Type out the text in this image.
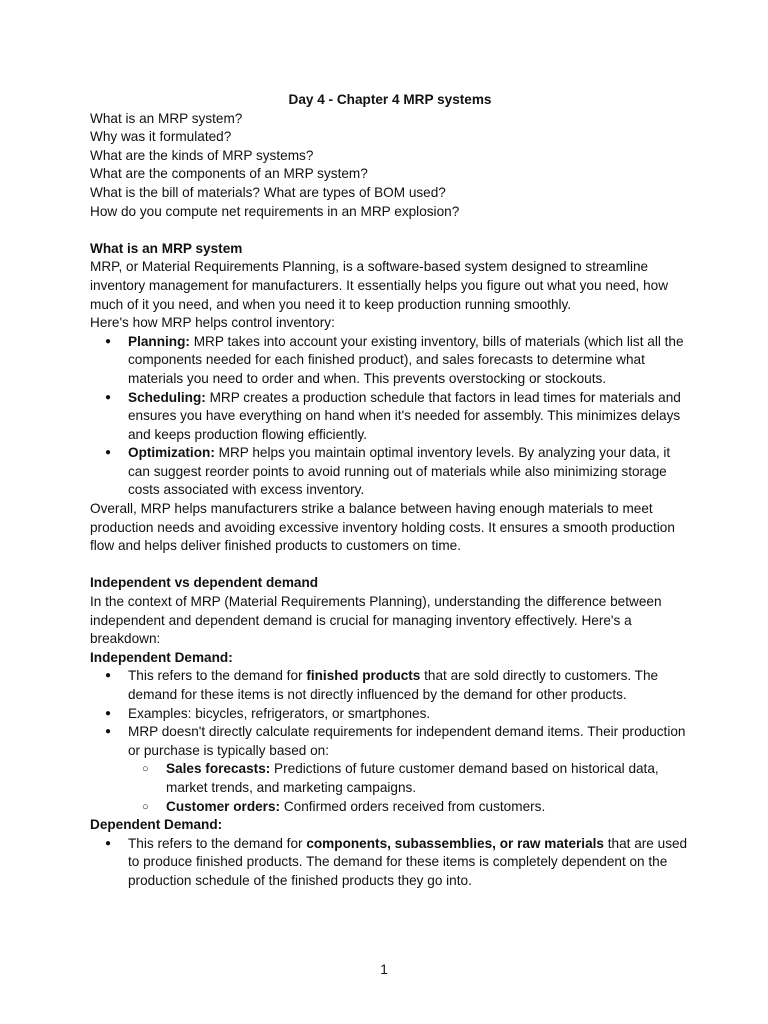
Day 4 - Chapter 4 MRP systems

What is an MRP system?

Why was it formulated?

What are the kinds of MRP systems?

What are the components of an MRP system?

What is the bill of materials? What are types of BOM used?

How do you compute net requirements in an MRP explosion?

What is an MRP system

MRP, or Material Requirements Planning, is a software-based system designed to streamline inventory management for manufacturers. It essentially helps you figure out what you need, how much of it you need, and when you need it to keep production running smoothly.

Here's how MRP helps control inventory:

● Planning: MRP takes into account your existing inventory, bills of materials (which list all the components needed for each finished product), and sales forecasts to determine what materials you need to order and when. This prevents overstocking or stockouts.
● Scheduling: MRP creates a production schedule that factors in lead times for materials and ensures you have everything on hand when it's needed for assembly. This minimizes delays and keeps production flowing efficiently.
● Optimization: MRP helps you maintain optimal inventory levels. By analyzing your data, it can suggest reorder points to avoid running out of materials while also minimizing storage costs associated with excess inventory.

Overall, MRP helps manufacturers strike a balance between having enough materials to meet production needs and avoiding excessive inventory holding costs. It ensures a smooth production flow and helps deliver finished products to customers on time.

Independent vs dependent demand

In the context of MRP (Material Requirements Planning), understanding the difference between independent and dependent demand is crucial for managing inventory effectively. Here's a breakdown:

Independent Demand:

● This refers to the demand for finished products that are sold directly to customers. The demand for these items is not directly influenced by the demand for other products.
● Examples: bicycles, refrigerators, or smartphones.
● MRP doesn't directly calculate requirements for independent demand items. Their production or purchase is typically based on:
○ Sales forecasts: Predictions of future customer demand based on historical data, market trends, and marketing campaigns.
○ Customer orders: Confirmed orders received from customers.

Dependent Demand:

● This refers to the demand for components, subassemblies, or raw materials that are used to produce finished products. The demand for these items is completely dependent on the production schedule of the finished products they go into.
1
